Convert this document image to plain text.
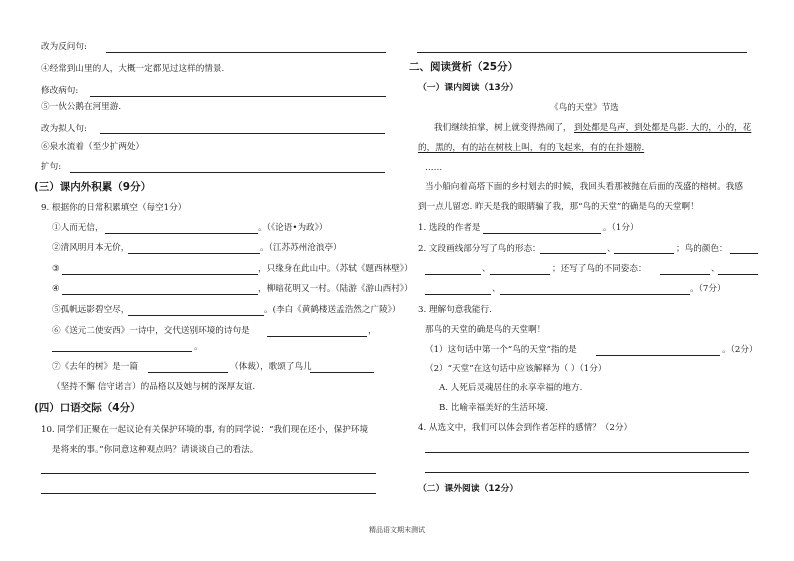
改为反问句:
④经常到山里的人，大概一定都见过这样的情景.
修改病句:
⑤一伙公鹅在河里游.
改为拟人句:
⑥泉水流着（至少扩两处）
扩句:
(三）课内外积累（9分）
9. 根据你的日常积累填空（每空1分）
①人而无信，	。（《论语•为政》）
②清风明月本无价，	。（江苏苏州沧浪亭）
③	，只缘身在此山中。（苏轼《题西林壁》）
④	，柳暗花明又一村。（陆游《游山西村》）
⑤孤帆远影碧空尽，	。(李白《黄鹤楼送孟浩然之广陵》）
⑥《送元二使安西》一诗中，交代送别环境的诗句是	，
。
⑦《去年的树》是一篇	（体裁），歌颂了鸟儿
（坚持不懈 信守诺言）的品格以及她与树的深厚友谊.
(四）口语交际（4分）
10. 同学们正聚在一起议论有关保护环境的事, 有的同学说：“我们现在还小，保护环境
是将来的事。”你同意这种观点吗？请谈谈自己的看法。
二、阅读赏析（25分）
（一）课内阅读（13分）
《鸟的天堂》节选
我们继续拍掌，树上就变得热闹了， 到处都是鸟声，到处都是鸟影. 大的，小的，花
的，黑的，有的站在树枝上叫，有的飞起来，有的在扑翅膀.
……
当小船向着高塔下面的乡村划去的时候，我回头看那被抛在后面的茂盛的榕树。我感
到一点儿留恋. 昨天是我的眼睛骗了我，那“鸟的天堂”的确是鸟的天堂啊！
1. 选段的作者是	。（1分）
2. 文段画线部分写了鸟的形态：	、	；鸟的颜色：
、	；还写了鸟的不同姿态：	、
、	。（7分）
3. 理解句意我能行.
那鸟的天堂的确是鸟的天堂啊！
（1）这句话中第一个“鸟的天堂”指的是	。（2分）
（2）“天堂”在这句话中应该解释为（ ）（1分）
A. 人死后灵魂居住的永享幸福的地方.
B. 比喻幸福美好的生活环境.
4. 从选文中，我们可以体会到作者怎样的感情？（2分）
（二）课外阅读（12分）
精品语文期末测试
